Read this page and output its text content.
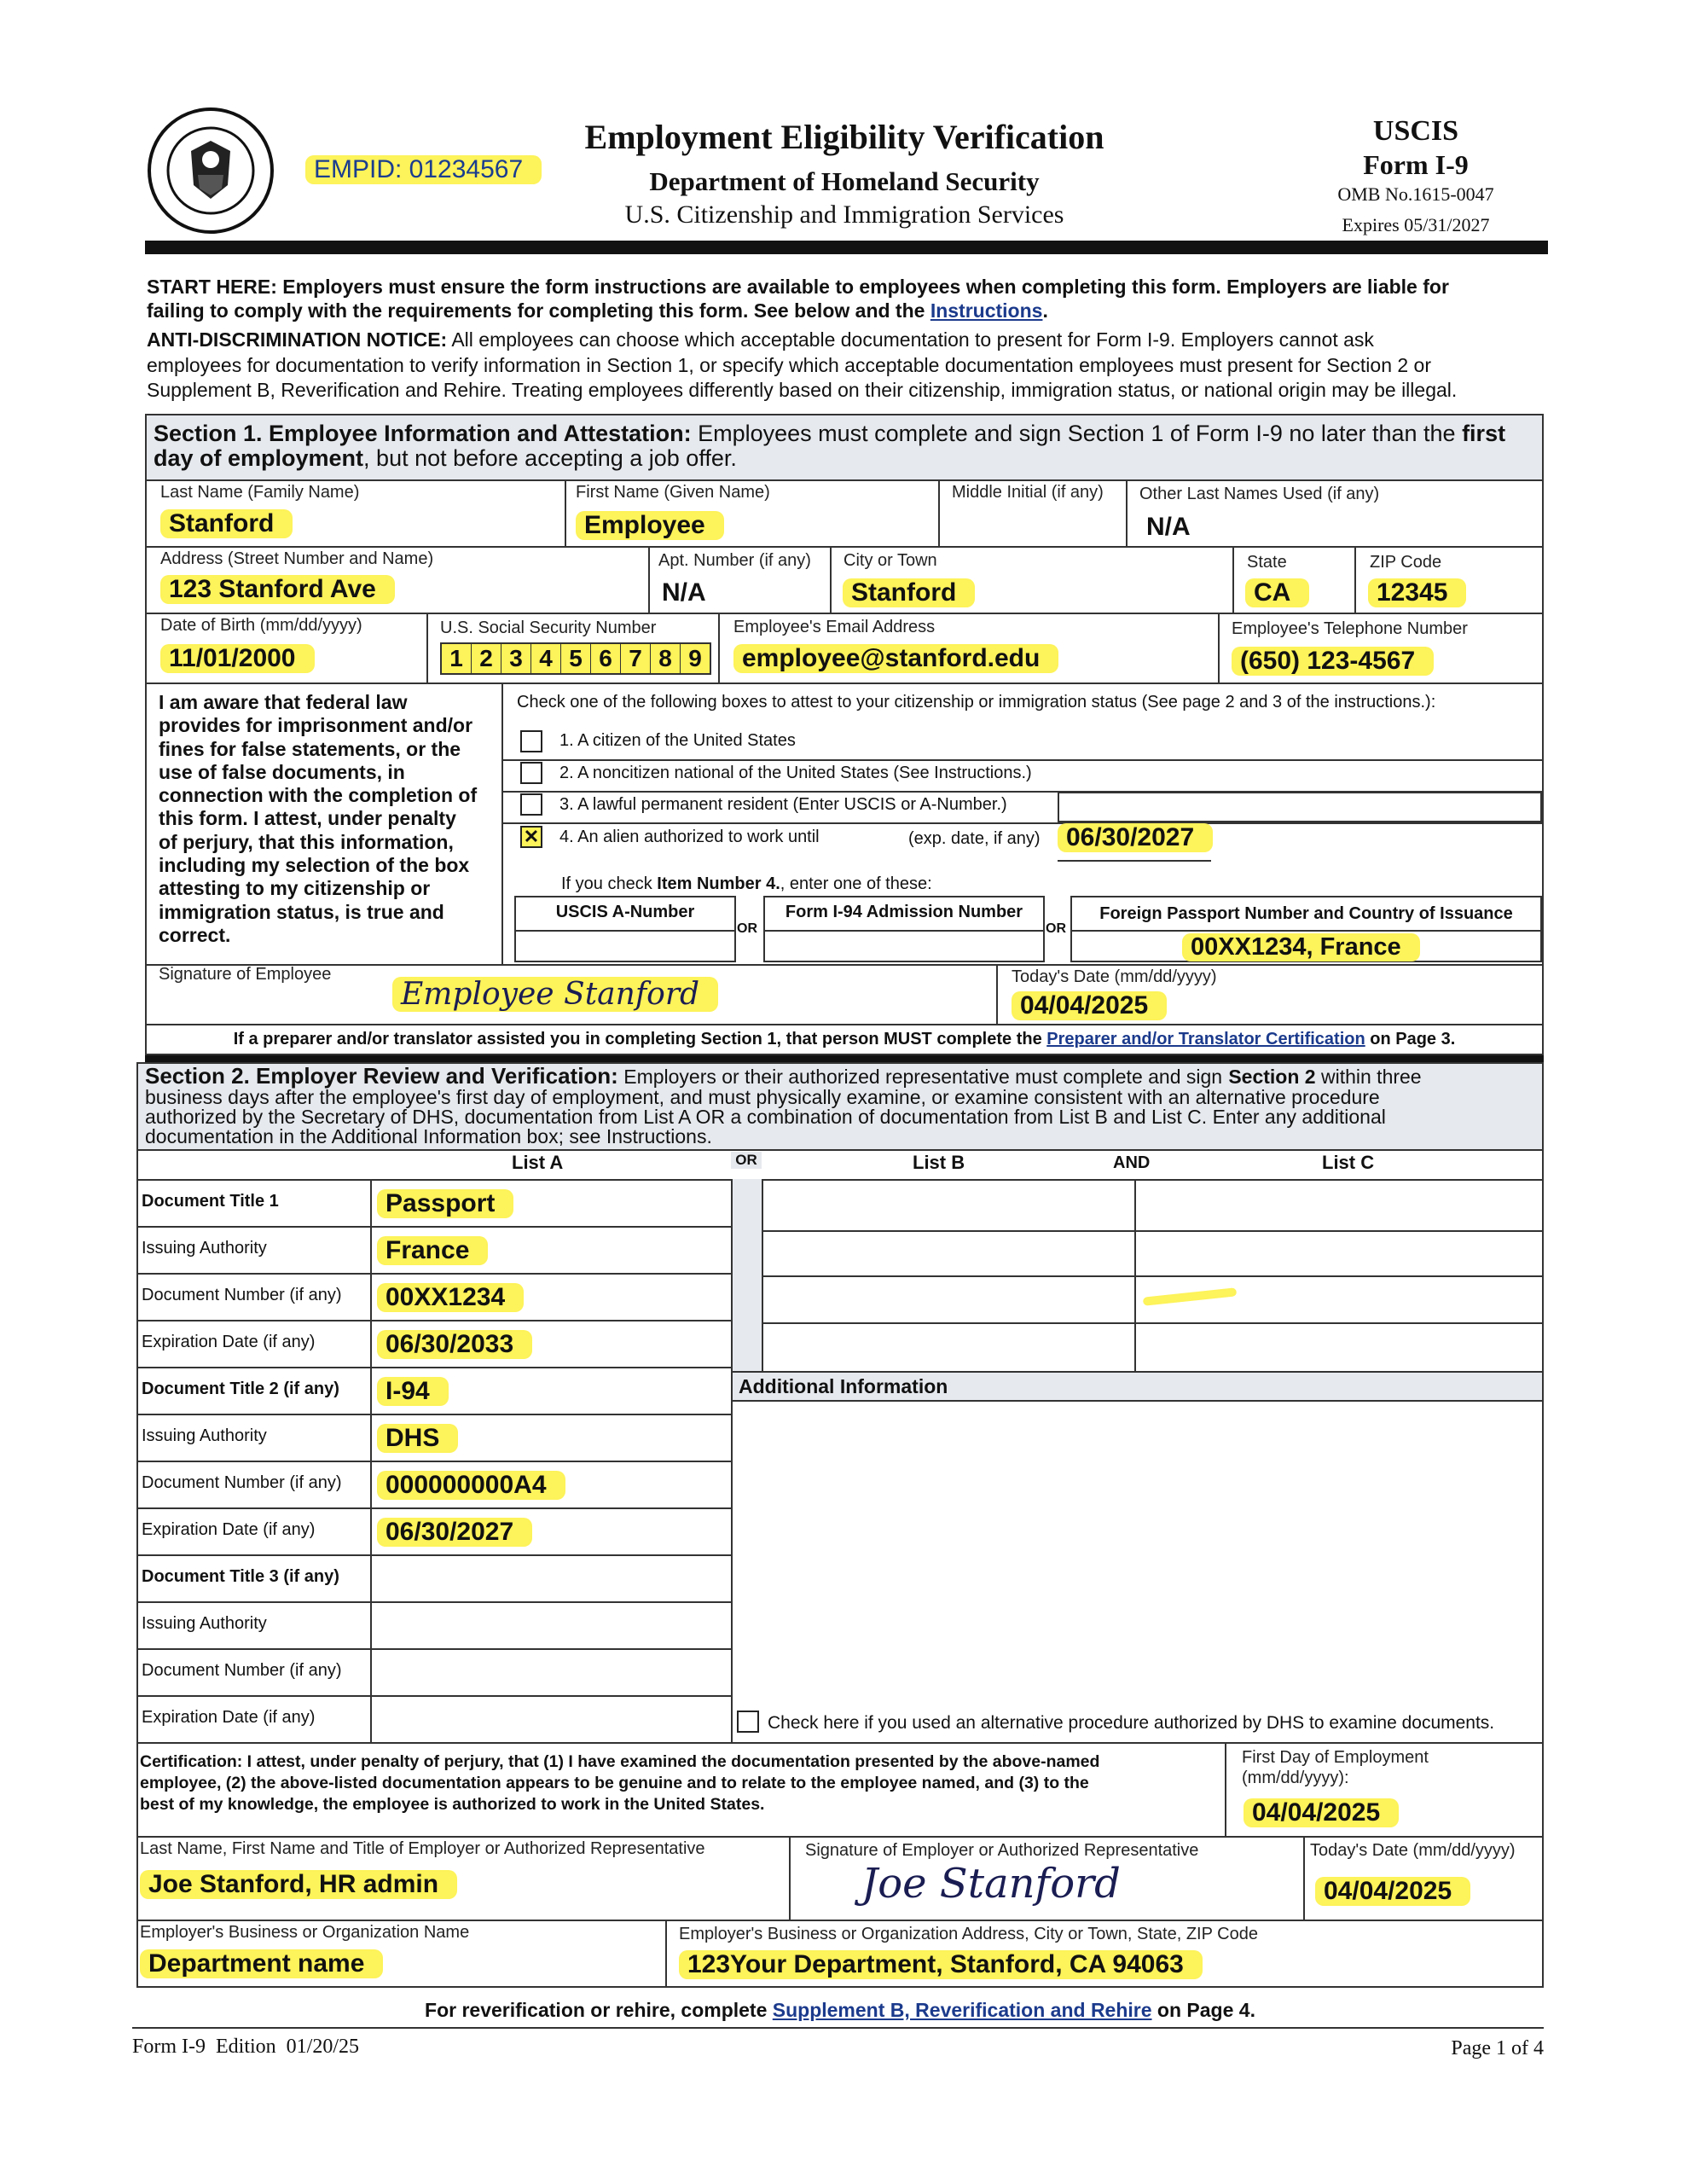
EMPID: 01234567
Employment Eligibility Verification
Department of Homeland Security
U.S. Citizenship and Immigration Services
USCIS
Form I-9
OMB No.1615-0047
Expires 05/31/2027
START HERE: Employers must ensure the form instructions are available to employees when completing this form. Employers are liable for
failing to comply with the requirements for completing this form. See below and the Instructions.
ANTI-DISCRIMINATION NOTICE: All employees can choose which acceptable documentation to present for Form I-9. Employers cannot ask
employees for documentation to verify information in Section 1, or specify which acceptable documentation employees must present for Section 2 or
Supplement B, Reverification and Rehire. Treating employees differently based on their citizenship, immigration status, or national origin may be illegal.
Section 1. Employee Information and Attestation: Employees must complete and sign Section 1 of Form I-9 no later than the first
day of employment, but not before accepting a job offer.
Last Name (Family Name)
Stanford
First Name (Given Name)
Employee
Middle Initial (if any) Other Last Names Used (if any)
N/A
Address (Street Number and Name)
123 Stanford Ave
Apt. Number (if any)
N/A
City or Town
Stanford
State
CA
ZIP Code
12345
Date of Birth (mm/dd/yyyy)
11/01/2000
U.S. Social Security Number
1 2 3 4 5 6 7 8 9
Employee's Email Address
employee@stanford.edu
Employee's Telephone Number
(650) 123-4567
I am aware that federal law
provides for imprisonment and/or
fines for false statements, or the
use of false documents, in
connection with the completion of
this form. I attest, under penalty
of perjury, that this information,
including my selection of the box
attesting to my citizenship or
immigration status, is true and
correct.
Check one of the following boxes to attest to your citizenship or immigration status (See page 2 and 3 of the instructions.):
1. A citizen of the United States
2. A noncitizen national of the United States (See Instructions.)
3. A lawful permanent resident (Enter USCIS or A-Number.)
✕ 4. An alien authorized to work until	(exp. date, if any)	06/30/2027
If you check Item Number 4., enter one of these:
USCIS A-Number
OR
Form I-94 Admission Number
OR
Foreign Passport Number and Country of Issuance
00XX1234, France
Signature of Employee
Employee Stanford	Today's Date (mm/dd/yyyy)
04/04/2025
If a preparer and/or translator assisted you in completing Section 1, that person MUST complete the Preparer and/or Translator Certification on Page 3.
Section 2. Employer Review and Verification: Employers or their authorized representative must complete and sign Section 2 within three
business days after the employee's first day of employment, and must physically examine, or examine consistent with an alternative procedure
authorized by the Secretary of DHS, documentation from List A OR a combination of documentation from List B and List C. Enter any additional
documentation in the Additional Information box; see Instructions.
List A	OR	List B	AND	List C
Document Title 1	Passport
Issuing Authority	France
Document Number (if any)	00XX1234
Expiration Date (if any)	06/30/2033
Document Title 2 (if any)	I-94
Issuing Authority	DHS
Document Number (if any)	000000000A4
Expiration Date (if any)	06/30/2027
Document Title 3 (if any)
Issuing Authority
Document Number (if any)
Expiration Date (if any)
Additional Information
Check here if you used an alternative procedure authorized by DHS to examine documents.
Certification: I attest, under penalty of perjury, that (1) I have examined the documentation presented by the above-named
employee, (2) the above-listed documentation appears to be genuine and to relate to the employee named, and (3) to the
best of my knowledge, the employee is authorized to work in the United States.
First Day of Employment
(mm/dd/yyyy):
04/04/2025
Last Name, First Name and Title of Employer or Authorized Representative
Joe Stanford, HR admin
Signature of Employer or Authorized Representative
Joe Stanford
Today's Date (mm/dd/yyyy)
04/04/2025
Employer's Business or Organization Name
Department name
Employer's Business or Organization Address, City or Town, State, ZIP Code
123Your Department, Stanford, CA 94063
For reverification or rehire, complete Supplement B, Reverification and Rehire on Page 4.
Form I-9  Edition  01/20/25	Page 1 of 4
